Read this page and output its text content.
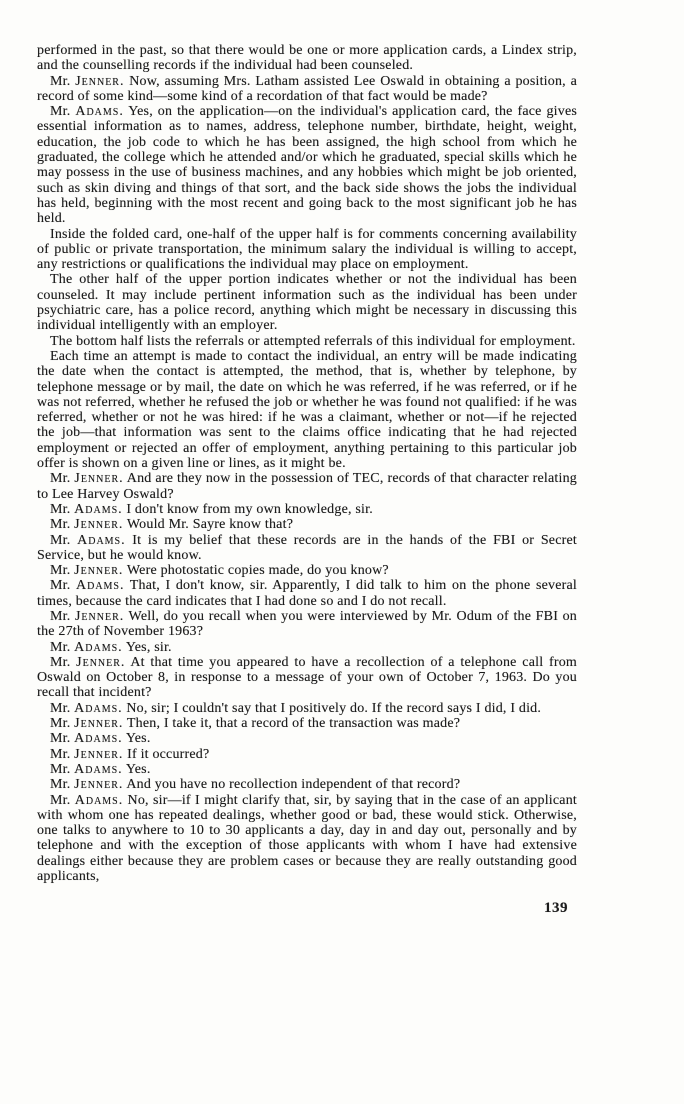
performed in the past, so that there would be one or more application cards, a Lindex strip, and the counselling records if the individual had been counseled.

Mr. Jenner. Now, assuming Mrs. Latham assisted Lee Oswald in obtaining a position, a record of some kind—some kind of a recordation of that fact would be made?

Mr. Adams. Yes, on the application—on the individual's application card, the face gives essential information as to names, address, telephone number, birthdate, height, weight, education, the job code to which he has been assigned, the high school from which he graduated, the college which he attended and/or which he graduated, special skills which he may possess in the use of business machines, and any hobbies which might be job oriented, such as skin diving and things of that sort, and the back side shows the jobs the individual has held, beginning with the most recent and going back to the most significant job he has held.

Inside the folded card, one-half of the upper half is for comments concerning availability of public or private transportation, the minimum salary the individual is willing to accept, any restrictions or qualifications the individual may place on employment.

The other half of the upper portion indicates whether or not the individual has been counseled. It may include pertinent information such as the individual has been under psychiatric care, has a police record, anything which might be necessary in discussing this individual intelligently with an employer.

The bottom half lists the referrals or attempted referrals of this individual for employment.

Each time an attempt is made to contact the individual, an entry will be made indicating the date when the contact is attempted, the method, that is, whether by telephone, by telephone message or by mail, the date on which he was referred, if he was referred, or if he was not referred, whether he refused the job or whether he was found not qualified: if he was referred, whether or not he was hired: if he was a claimant, whether or not—if he rejected the job—that information was sent to the claims office indicating that he had rejected employment or rejected an offer of employment, anything pertaining to this particular job offer is shown on a given line or lines, as it might be.

Mr. Jenner. And are they now in the possession of TEC, records of that character relating to Lee Harvey Oswald?

Mr. Adams. I don't know from my own knowledge, sir.

Mr. Jenner. Would Mr. Sayre know that?

Mr. Adams. It is my belief that these records are in the hands of the FBI or Secret Service, but he would know.

Mr. Jenner. Were photostatic copies made, do you know?

Mr. Adams. That, I don't know, sir. Apparently, I did talk to him on the phone several times, because the card indicates that I had done so and I do not recall.

Mr. Jenner. Well, do you recall when you were interviewed by Mr. Odum of the FBI on the 27th of November 1963?

Mr. Adams. Yes, sir.

Mr. Jenner. At that time you appeared to have a recollection of a telephone call from Oswald on October 8, in response to a message of your own of October 7, 1963. Do you recall that incident?

Mr. Adams. No, sir; I couldn't say that I positively do. If the record says I did, I did.

Mr. Jenner. Then, I take it, that a record of the transaction was made?

Mr. Adams. Yes.

Mr. Jenner. If it occurred?

Mr. Adams. Yes.

Mr. Jenner. And you have no recollection independent of that record?

Mr. Adams. No, sir—if I might clarify that, sir, by saying that in the case of an applicant with whom one has repeated dealings, whether good or bad, these would stick. Otherwise, one talks to anywhere to 10 to 30 applicants a day, day in and day out, personally and by telephone and with the exception of those applicants with whom I have had extensive dealings either because they are problem cases or because they are really outstanding good applicants,

139
